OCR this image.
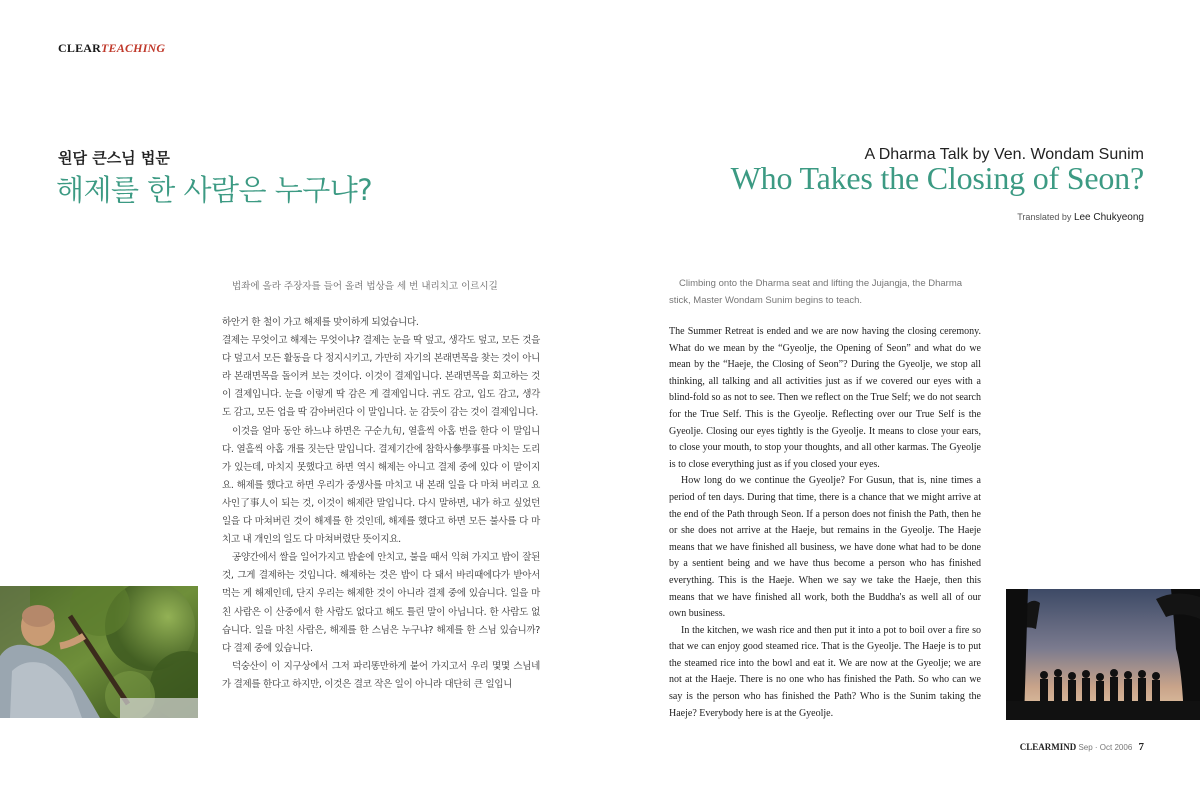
CLEARTEACHING
원담 큰스님 법문
해제를 한 사람은 누구냐?
A Dharma Talk by Ven. Wondam Sunim
Who Takes the Closing of Seon?
Translated by Lee Chukyeong
법좌에 올라 주장자를 들어 올려 법상을 세 번 내리치고 이르시길

하안거 한 철이 가고 해제를 맞이하게 되었습니다.

결제는 무엇이고 해제는 무엇이냐? 결제는 눈을 딱 덮고, 생각도 덮고, 모든 것을 다 덮고서 모든 활동을 다 정지시키고, 가만히 자기의 본래면목을 찾는 것이 아니라 본래면목을 돌이켜 보는 것이다. 이것이 결제입니다. 본래면목을 회고하는 것이 결제입니다. 눈을 이렇게 딱 감은 게 결제입니다. 귀도 감고, 입도 감고, 생각도 감고, 모든 업을 딱 감아버린다 이 말입니다. 눈 감듯이 감는 것이 결제입니다.

이것을 얼마 동안 하느냐 하면은 구순九旬, 열흘씩 아홉 번을 한다 이 말입니다. 열흘씩 아홉 개를 짓는단 말입니다. 결제기간에 참학사參學事를 마치는 도리가 있는데, 마치지 못했다고 하면 역시 해제는 아니고 결제 중에 있다 이 말이지요. 해제를 했다고 하면 우리가 중생사를 마치고 내 본래 일을 다 마쳐 버리고 요사인了事人이 되는 것, 이것이 해제란 말입니다. 다시 말하면, 내가 하고 싶었던 일을 다 마쳐버린 것이 해제를 한 것인데, 해제를 했다고 하면 모든 불사를 다 마치고 내 개인의 일도 다 마쳐버렸단 뜻이지요.

공양간에서 쌀을 일어가지고 밥솥에 안치고, 불을 때서 익혀 가지고 밥이 잘된 것, 그게 결제하는 것입니다. 해제하는 것은 밥이 다 돼서 바리때에다가 받아서 먹는 게 해제인데, 단지 우리는 해제한 것이 아니라 결제 중에 있습니다. 일을 마친 사람은 이 산중에서 한 사람도 없다고 해도 틀린 말이 아닙니다. 한 사람도 없습니다. 일을 마친 사람은, 해제를 한 스님은 누구냐? 해제를 한 스님 있습니까? 다 결제 중에 있습니다.

덕숭산이 이 지구상에서 그저 파리똥만하게 붙어 가지고서 우리 몇몇 스님네가 결제를 한다고 하지만, 이것은 결코 작은 일이 아니라 대단히 큰 일입니

Climbing onto the Dharma seat and lifting the Jujangja, the Dharma stick, Master Wondam Sunim begins to teach.

The Summer Retreat is ended and we are now having the closing ceremony. What do we mean by the “Gyeolje, the Opening of Seon” and what do we mean by the “Haeje, the Closing of Seon”? During the Gyeolje, we stop all thinking, all talking and all activities just as if we covered our eyes with a blind-fold so as not to see. Then we reflect on the True Self; we do not search for the True Self. This is the Gyeolje. Reflecting over our True Self is the Gyeolje. Closing our eyes tightly is the Gyeolje. It means to close your ears, to close your mouth, to stop your thoughts, and all other karmas. The Gyeolje is to close everything just as if you closed your eyes.

How long do we continue the Gyeolje? For Gusun, that is, nine times a period of ten days. During that time, there is a chance that we might arrive at the end of the Path through Seon. If a person does not finish the Path, then he or she does not arrive at the Haeje, but remains in the Gyeolje. The Haeje means that we have finished all business, we have done what had to be done by a sentient being and we have thus become a person who has finished everything. This is the Haeje. When we say we take the Haeje, then this means that we have finished all work, both the Buddha's as well all of our own business.

In the kitchen, we wash rice and then put it into a pot to boil over a fire so that we can enjoy good steamed rice. That is the Gyeolje. The Haeje is to put the steamed rice into the bowl and eat it. We are now at the Gyeolje; we are not at the Haeje. There is no one who has finished the Path. So who can we say is the person who has finished the Path? Who is the Sunim taking the Haeje? Everybody here is at the Gyeolje.

CLEARMIND Sep · Oct 2006 7
